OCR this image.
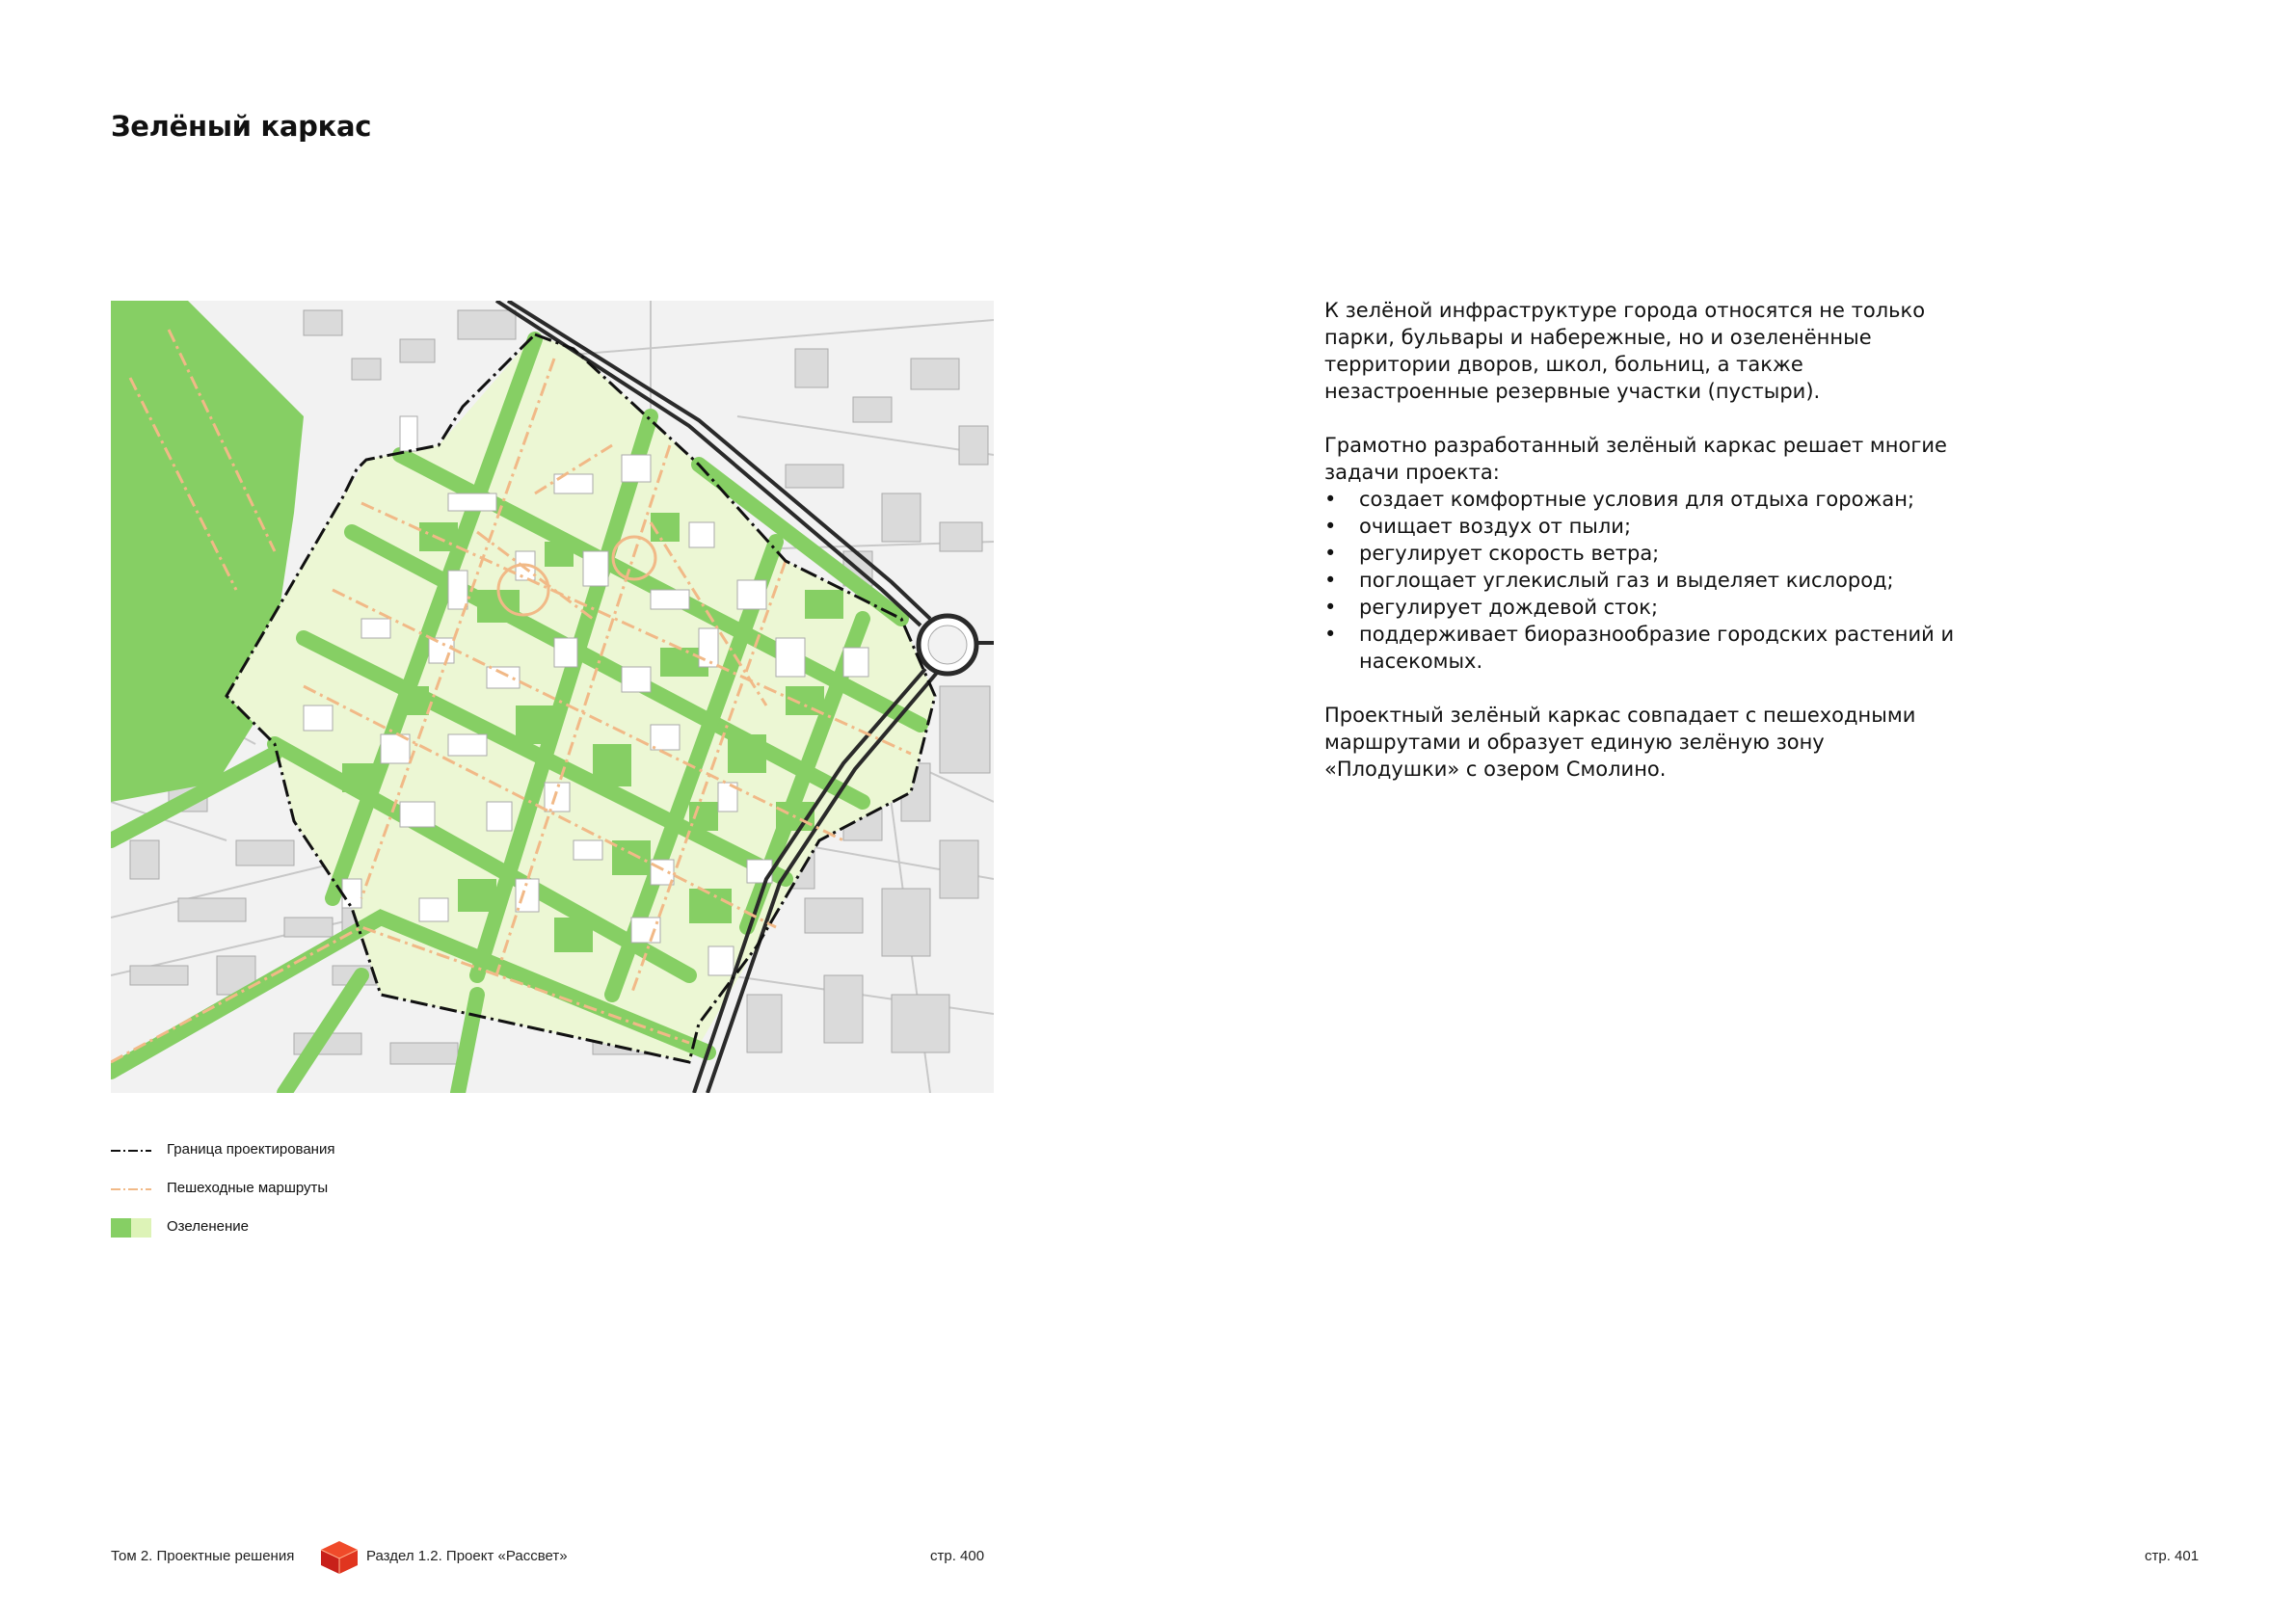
Зелёный каркас
Граница проектирования
Пешеходные маршруты
Озеленение

К зелёной инфраструктуре города относятся не только парки, бульвары и набережные, но и озеленённые территории дворов, школ, больниц, а также незастроенные резервные участки (пустыри).

Грамотно разработанный зелёный каркас решает многие задачи проекта:

• создает комфортные условия для отдыха горожан;
• очищает воздух от пыли;
• регулирует скорость ветра;
• поглощает углекислый газ и выделяет кислород;
• регулирует дождевой сток;
• поддерживает биоразнообразие городских растений и насекомых.

Проектный зелёный каркас совпадает с пешеходными маршрутами и образует единую зелёную зону «Плодушки» с озером Смолино.

Том 2. Проектные решения	Раздел 1.2. Проект «Рассвет»	стр. 400	стр. 401
